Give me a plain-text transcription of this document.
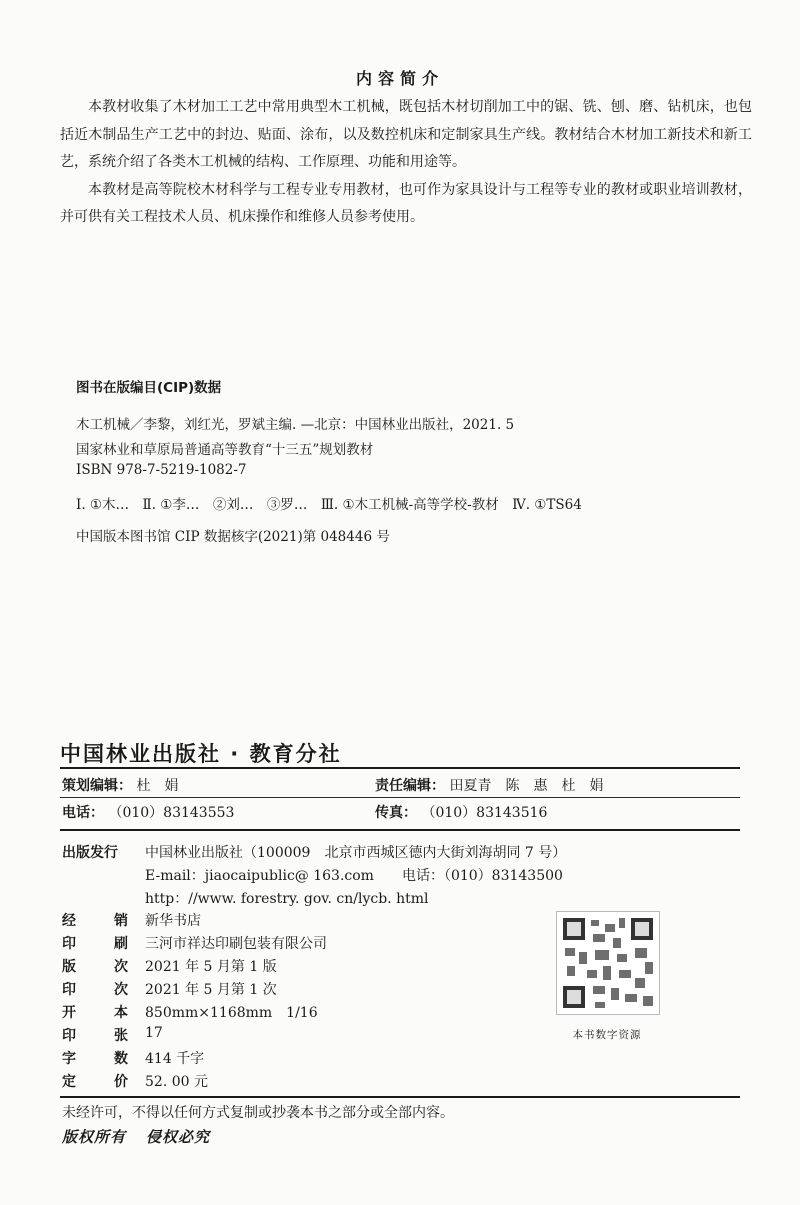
内容简介

本教材收集了木材加工工艺中常用典型木工机械，既包括木材切削加工中的锯、铣、刨、磨、钻机床，也包括近木制品生产工艺中的封边、贴面、涂布，以及数控机床和定制家具生产线。教材结合木材加工新技术和新工艺，系统介绍了各类木工机械的结构、工作原理、功能和用途等。

本教材是高等院校木材科学与工程专业专用教材，也可作为家具设计与工程等专业的教材或职业培训教材，并可供有关工程技术人员、机床操作和维修人员参考使用。

图书在版编目(CIP)数据
木工机械／李黎，刘红光，罗斌主编. —北京：中国林业出版社，2021. 5
国家林业和草原局普通高等教育“十三五”规划教材
ISBN 978-7-5219-1082-7
Ⅰ. ①木…　Ⅱ. ①李…　②刘…　③罗…　Ⅲ. ①木工机械-高等学校-教材　Ⅳ. ①TS64
中国版本图书馆 CIP 数据核字(2021)第 048446 号
中国林业出版社 · 教育分社
策划编辑： 杜　娟	责任编辑： 田夏青　陈　惠　杜　娟
电话： （010）83143553	传真： （010）83143516
出版发行	中国林业出版社（100009　北京市西城区德内大街刘海胡同 7 号）
E-mail：jiaocaipublic@ 163.com　　电话：（010）83143500
http：//www. forestry. gov. cn/lycb. html
经	销 新华书店
印	刷 三河市祥达印刷包装有限公司
版	次 2021 年 5 月第 1 版
印	次 2021 年 5 月第 1 次
开	本 850mm×1168mm　1/16
印	张 17
字	数 414 千字
定	价 52. 00 元
本书数字资源
未经许可，不得以任何方式复制或抄袭本书之部分或全部内容。
版权所有 侵权必究
